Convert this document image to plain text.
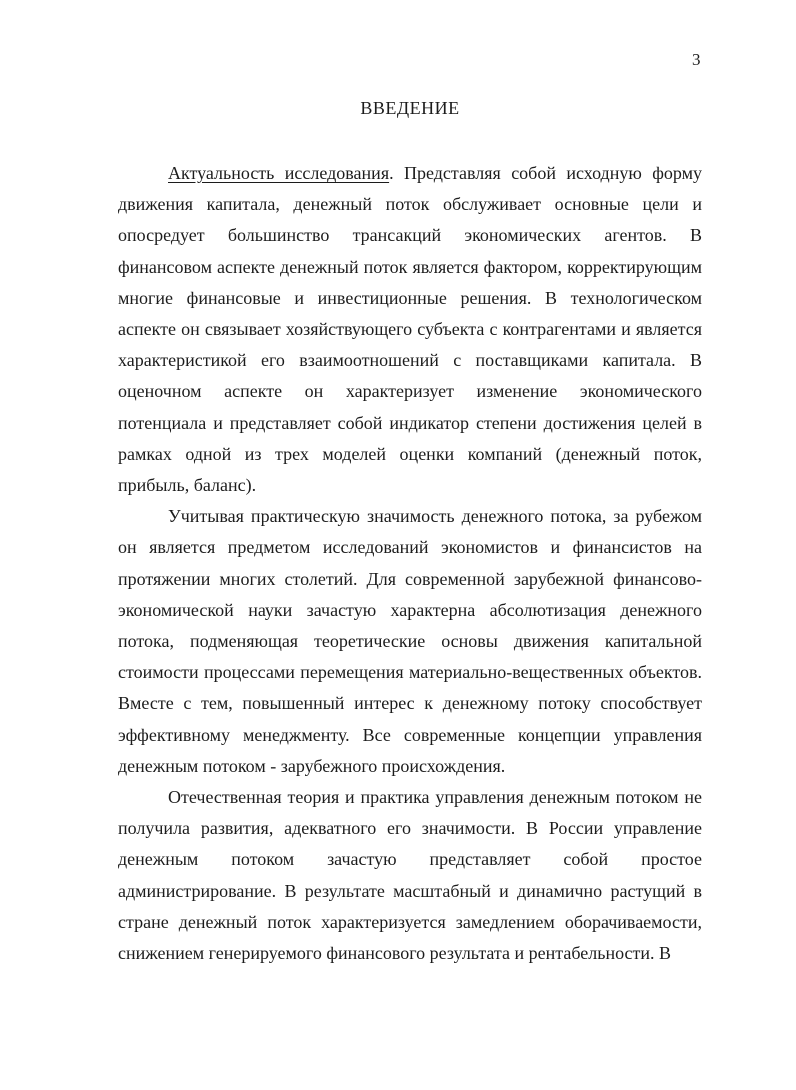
3
ВВЕДЕНИЕ

Актуальность исследования. Представляя собой исходную форму движения капитала, денежный поток обслуживает основные цели и опосредует большинство трансакций экономических агентов. В финансовом аспекте денежный поток является фактором, корректирующим многие финансовые и инвестиционные решения. В технологическом аспекте он связывает хозяйствующего субъекта с контрагентами и является характеристикой его взаимоотношений с поставщиками капитала. В оценочном аспекте он характеризует изменение экономического потенциала и представляет собой индикатор степени достижения целей в рамках одной из трех моделей оценки компаний (денежный поток, прибыль, баланс).

Учитывая практическую значимость денежного потока, за рубежом он является предметом исследований экономистов и финансистов на протяжении многих столетий. Для современной зарубежной финансово-экономической науки зачастую характерна абсолютизация денежного потока, подменяющая теоретические основы движения капитальной стоимости процессами перемещения материально-вещественных объектов. Вместе с тем, повышенный интерес к денежному потоку способствует эффективному менеджменту. Все современные концепции управления денежным потоком - зарубежного происхождения.

Отечественная теория и практика управления денежным потоком не получила развития, адекватного его значимости. В России управление денежным потоком зачастую представляет собой простое администрирование. В результате масштабный и динамично растущий в стране денежный поток характеризуется замедлением оборачиваемости, снижением генерируемого финансового результата и рентабельности. В
